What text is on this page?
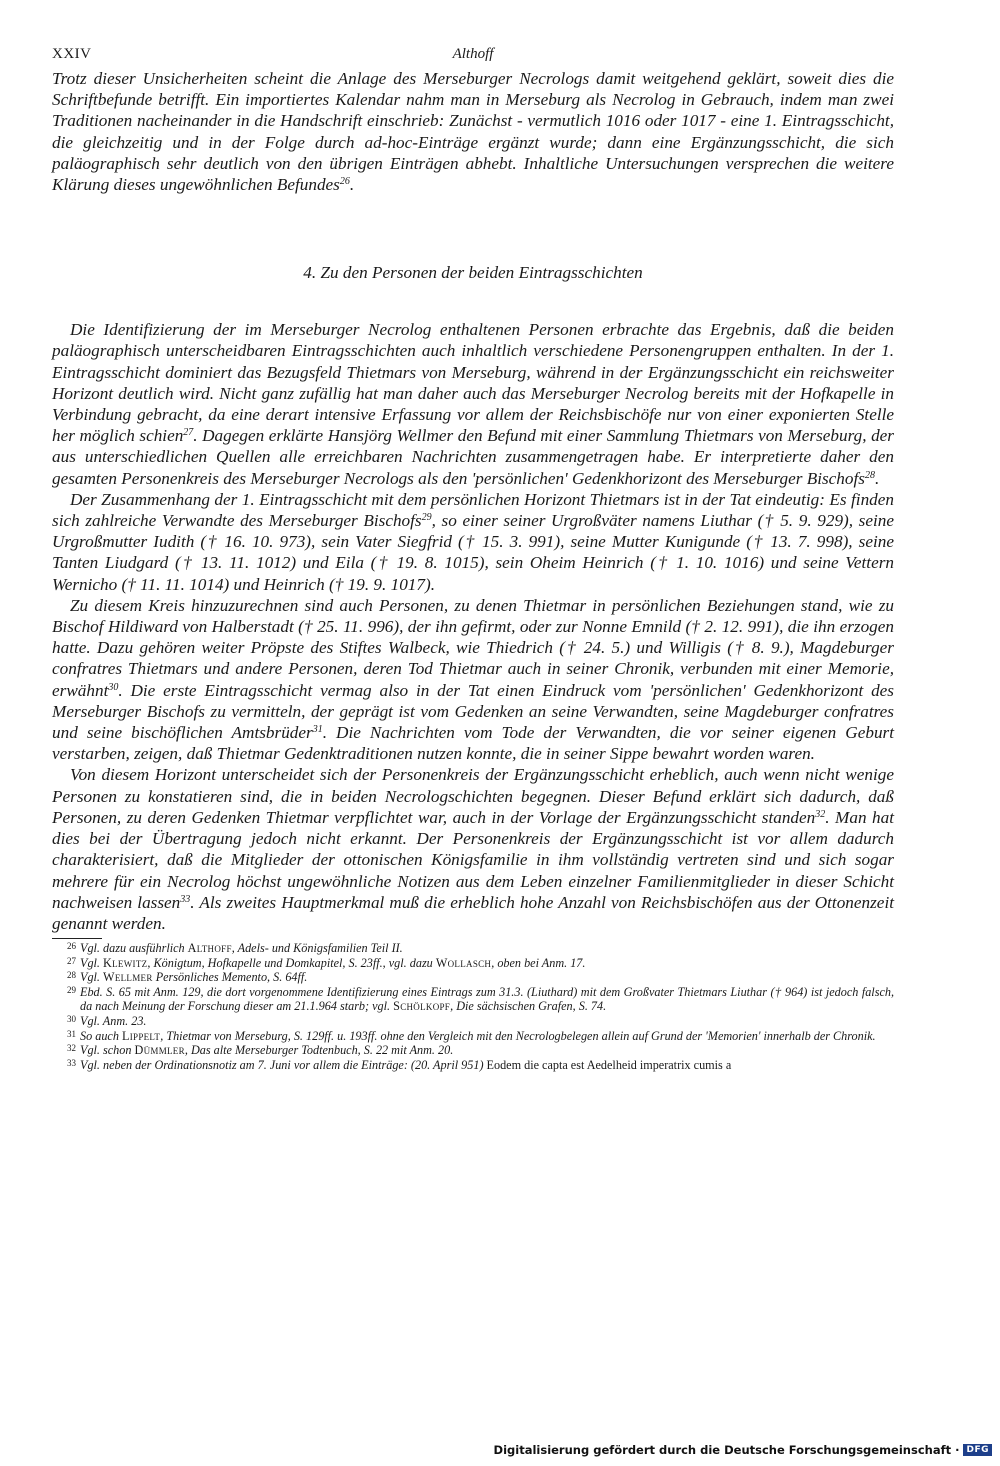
XXIV	Althoff

Trotz dieser Unsicherheiten scheint die Anlage des Merseburger Necrologs damit weitgehend geklärt, soweit dies die Schriftbefunde betrifft. Ein importiertes Kalendar nahm man in Merseburg als Necrolog in Gebrauch, indem man zwei Traditionen nacheinander in die Handschrift einschrieb: Zunächst - vermutlich 1016 oder 1017 - eine 1. Eintragsschicht, die gleichzeitig und in der Folge durch ad-hoc-Einträge ergänzt wurde; dann eine Ergänzungsschicht, die sich paläographisch sehr deutlich von den übrigen Einträgen abhebt. Inhaltliche Untersuchungen versprechen die weitere Klärung dieses ungewöhnlichen Befundes$^{26}$.

4. Zu den Personen der beiden Eintragsschichten

Die Identifizierung der im Merseburger Necrolog enthaltenen Personen erbrachte das Ergebnis, daß die beiden paläographisch unterscheidbaren Eintragsschichten auch inhaltlich verschiedene Personengruppen enthalten. In der 1. Eintragsschicht dominiert das Bezugsfeld Thietmars von Merseburg, während in der Ergänzungsschicht ein reichsweiter Horizont deutlich wird. Nicht ganz zufällig hat man daher auch das Merseburger Necrolog bereits mit der Hofkapelle in Verbindung gebracht, da eine derart intensive Erfassung vor allem der Reichsbischöfe nur von einer exponierten Stelle her möglich schien$^{27}$. Dagegen erklärte Hansjörg Wellmer den Befund mit einer Sammlung Thietmars von Merseburg, der aus unterschiedlichen Quellen alle erreichbaren Nachrichten zusammengetragen habe. Er interpretierte daher den gesamten Personenkreis des Merseburger Necrologs als den 'persönlichen' Gedenkhorizont des Merseburger Bischofs$^{28}$.

Der Zusammenhang der 1. Eintragsschicht mit dem persönlichen Horizont Thietmars ist in der Tat eindeutig: Es finden sich zahlreiche Verwandte des Merseburger Bischofs$^{29}$, so einer seiner Urgroßväter namens Liuthar († 5. 9. 929), seine Urgroßmutter Iudith († 16. 10. 973), sein Vater Siegfrid († 15. 3. 991), seine Mutter Kunigunde († 13. 7. 998), seine Tanten Liudgard († 13. 11. 1012) und Eila († 19. 8. 1015), sein Oheim Heinrich († 1. 10. 1016) und seine Vettern Wernicho († 11. 11. 1014) und Heinrich († 19. 9. 1017).

Zu diesem Kreis hinzuzurechnen sind auch Personen, zu denen Thietmar in persönlichen Beziehungen stand, wie zu Bischof Hildiward von Halberstadt († 25. 11. 996), der ihn gefirmt, oder zur Nonne Emnild († 2. 12. 991), die ihn erzogen hatte. Dazu gehören weiter Pröpste des Stiftes Walbeck, wie Thiedrich († 24. 5.) und Willigis († 8. 9.), Magdeburger confratres Thietmars und andere Personen, deren Tod Thietmar auch in seiner Chronik, verbunden mit einer Memorie, erwähnt$^{30}$. Die erste Eintragsschicht vermag also in der Tat einen Eindruck vom 'persönlichen' Gedenkhorizont des Merseburger Bischofs zu vermitteln, der geprägt ist vom Gedenken an seine Verwandten, seine Magdeburger confratres und seine bischöflichen Amtsbrüder$^{31}$. Die Nachrichten vom Tode der Verwandten, die vor seiner eigenen Geburt verstarben, zeigen, daß Thietmar Gedenktraditionen nutzen konnte, die in seiner Sippe bewahrt worden waren.

Von diesem Horizont unterscheidet sich der Personenkreis der Ergänzungsschicht erheblich, auch wenn nicht wenige Personen zu konstatieren sind, die in beiden Necrologschichten begegnen. Dieser Befund erklärt sich dadurch, daß Personen, zu deren Gedenken Thietmar verpflichtet war, auch in der Vorlage der Ergänzungsschicht standen$^{32}$. Man hat dies bei der Übertragung jedoch nicht erkannt. Der Personenkreis der Ergänzungsschicht ist vor allem dadurch charakterisiert, daß die Mitglieder der ottonischen Königsfamilie in ihm vollständig vertreten sind und sich sogar mehrere für ein Necrolog höchst ungewöhnliche Notizen aus dem Leben einzelner Familienmitglieder in dieser Schicht nachweisen lassen$^{33}$. Als zweites Hauptmerkmal muß die erheblich hohe Anzahl von Reichsbischöfen aus der Ottonenzeit genannt werden.

26 Vgl. dazu ausführlich Althoff, Adels- und Königsfamilien Teil II.

27 Vgl. Klewitz, Königtum, Hofkapelle und Domkapitel, S. 23ff., vgl. dazu Wollasch, oben bei Anm. 17.

28 Vgl. Wellmer Persönliches Memento, S. 64ff.

29 Ebd. S. 65 mit Anm. 129, die dort vorgenommene Identifizierung eines Eintrags zum 31.3. (Liuthard) mit dem Großvater Thietmars Liuthar († 964) ist jedoch falsch, da nach Meinung der Forschung dieser am 21.1.964 starb; vgl. Schölkopf, Die sächsischen Grafen, S. 74.

30 Vgl. Anm. 23.

31 So auch Lippelt, Thietmar von Merseburg, S. 129ff. u. 193ff. ohne den Vergleich mit den Necrologbelegen allein auf Grund der 'Memorien' innerhalb der Chronik.

32 Vgl. schon Dümmler, Das alte Merseburger Todtenbuch, S. 22 mit Anm. 20.

33 Vgl. neben der Ordinationsnotiz am 7. Juni vor allem die Einträge: (20. April 951) Eodem die capta est Aedelheid imperatrix cumis a

Digitalisierung gefördert durch die Deutsche Forschungsgemeinschaft · DFG
